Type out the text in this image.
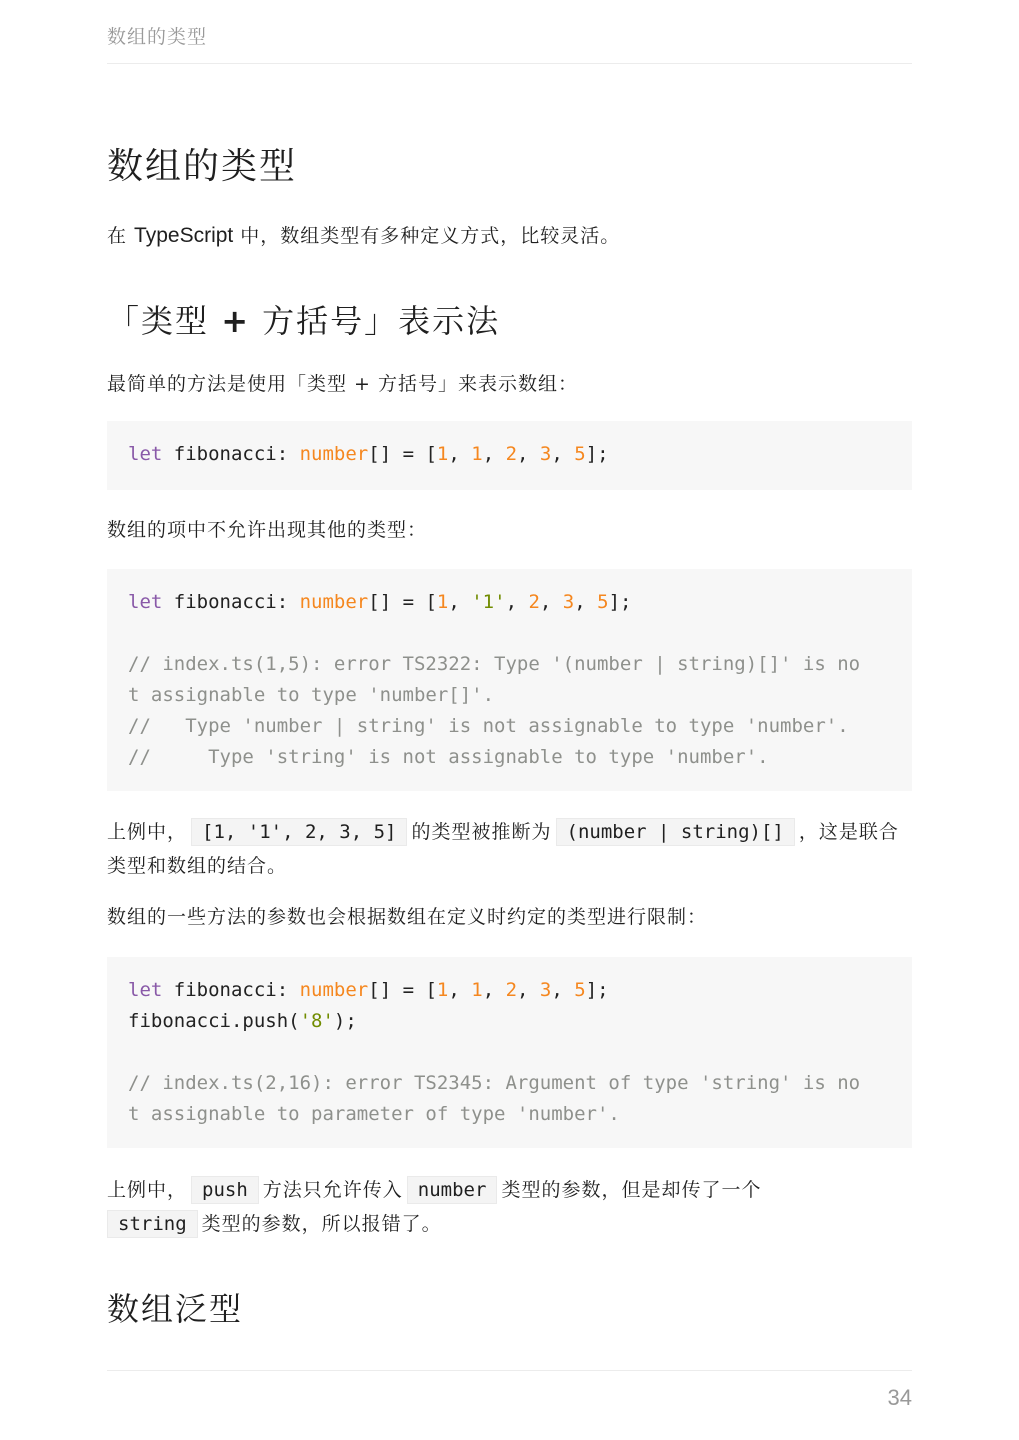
数组的类型
数组的类型

在 TypeScript 中，数组类型有多种定义方式，比较灵活。

「类型 + 方括号」表示法

最简单的方法是使用「类型 + 方括号」来表示数组：

let fibonacci: number[] = [1, 1, 2, 3, 5];

数组的项中不允许出现其他的类型：

let fibonacci: number[] = [1, '1', 2, 3, 5];

// index.ts(1,5): error TS2322: Type '(number | string)[]' is no
t assignable to type 'number[]'.
//   Type 'number | string' is not assignable to type 'number'.
//     Type 'string' is not assignable to type 'number'.

上例中， [1, '1', 2, 3, 5] 的类型被推断为 (number | string)[] ，这是联合类型和数组的结合。

数组的一些方法的参数也会根据数组在定义时约定的类型进行限制：

let fibonacci: number[] = [1, 1, 2, 3, 5];
fibonacci.push('8');

// index.ts(2,16): error TS2345: Argument of type 'string' is no
t assignable to parameter of type 'number'.

上例中， push 方法只允许传入 number 类型的参数，但是却传了一个string 类型的参数，所以报错了。

数组泛型
34
